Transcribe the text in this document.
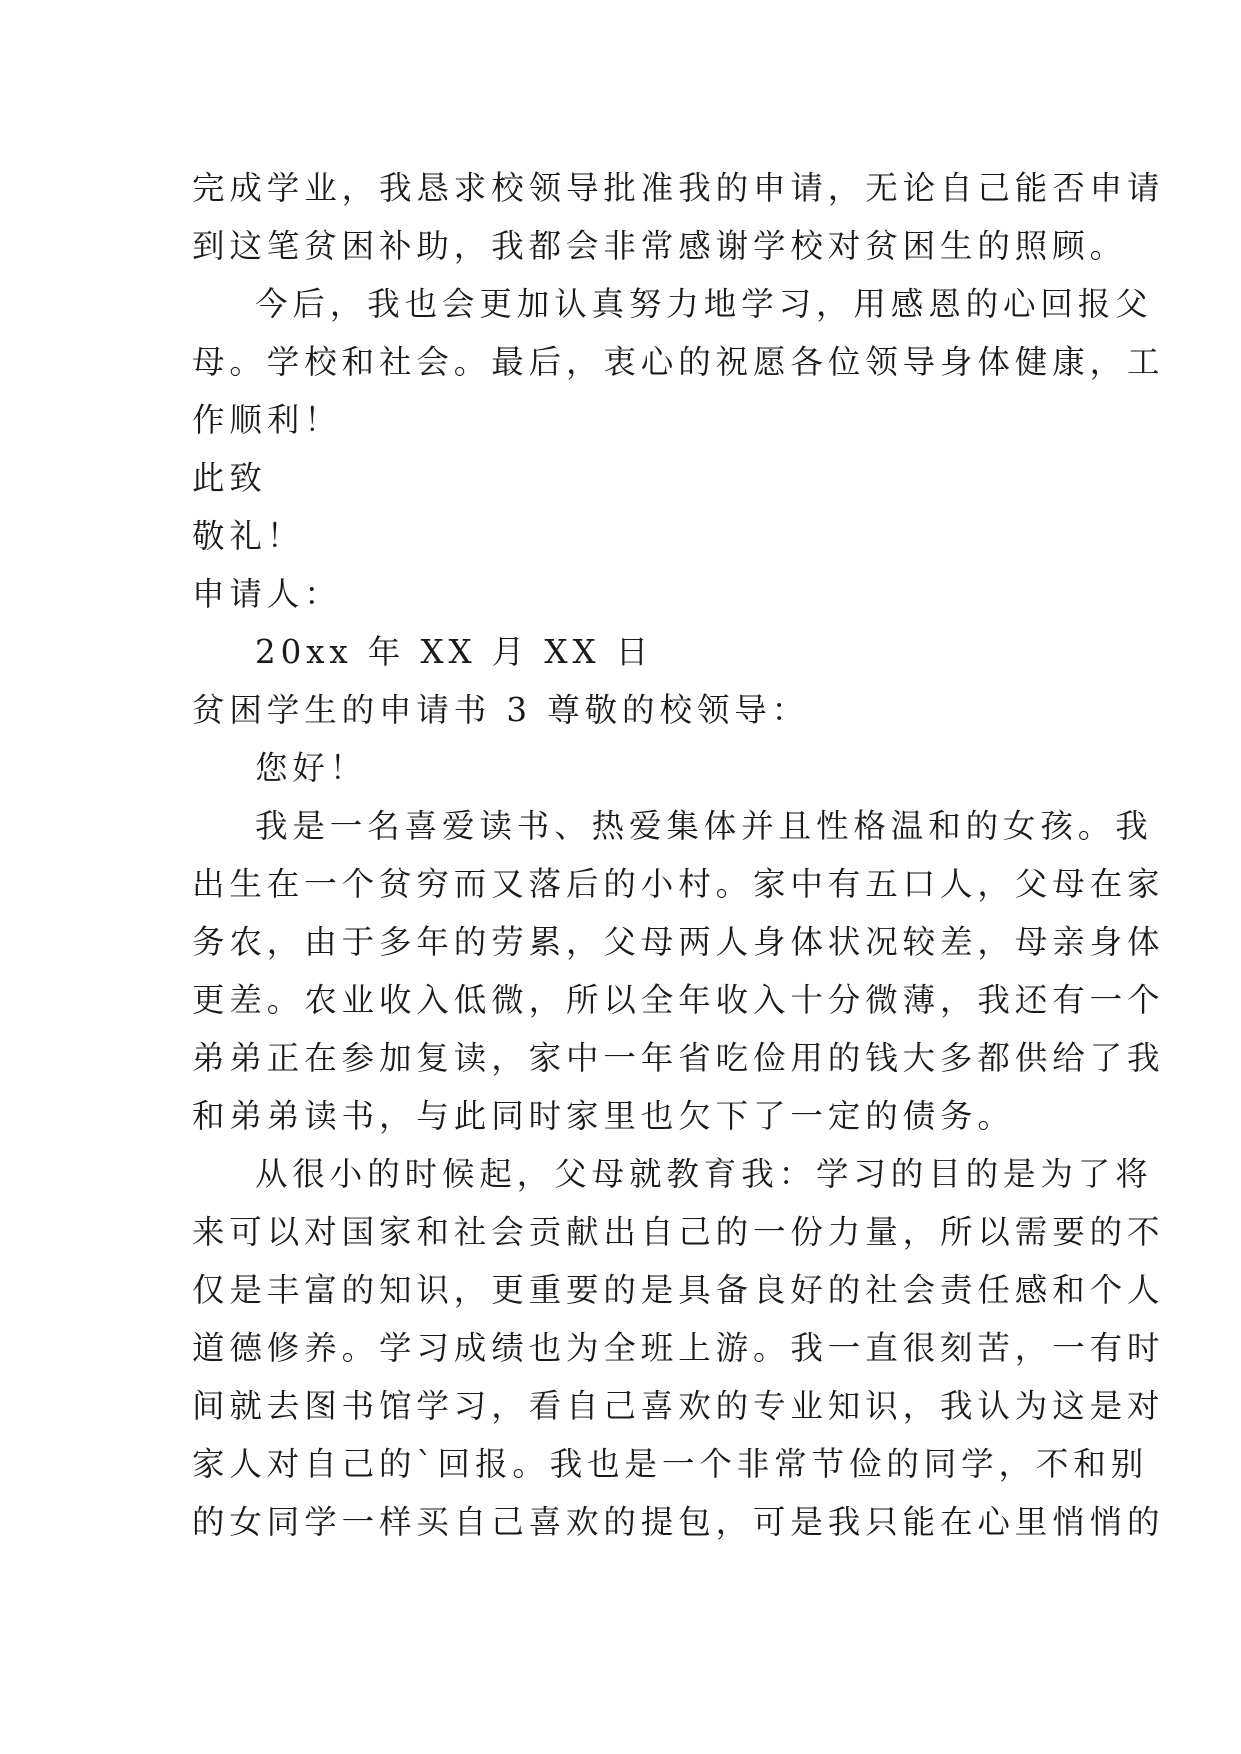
完成学业，我恳求校领导批准我的申请，无论自己能否申请
到这笔贫困补助，我都会非常感谢学校对贫困生的照顾。
今后，我也会更加认真努力地学习，用感恩的心回报父
母。学校和社会。最后，衷心的祝愿各位领导身体健康，工
作顺利！
此致
敬礼！
申请人：
20xx 年 XX 月 XX 日
贫困学生的申请书 3 尊敬的校领导：
您好！
我是一名喜爱读书、热爱集体并且性格温和的女孩。我
出生在一个贫穷而又落后的小村。家中有五口人，父母在家
务农，由于多年的劳累，父母两人身体状况较差，母亲身体
更差。农业收入低微，所以全年收入十分微薄，我还有一个
弟弟正在参加复读，家中一年省吃俭用的钱大多都供给了我
和弟弟读书，与此同时家里也欠下了一定的债务。
从很小的时候起，父母就教育我：学习的目的是为了将
来可以对国家和社会贡献出自己的一份力量，所以需要的不
仅是丰富的知识，更重要的是具备良好的社会责任感和个人
道德修养。学习成绩也为全班上游。我一直很刻苦，一有时
间就去图书馆学习，看自己喜欢的专业知识，我认为这是对
家人对自己的`回报。我也是一个非常节俭的同学，不和别
的女同学一样买自己喜欢的提包，可是我只能在心里悄悄的
